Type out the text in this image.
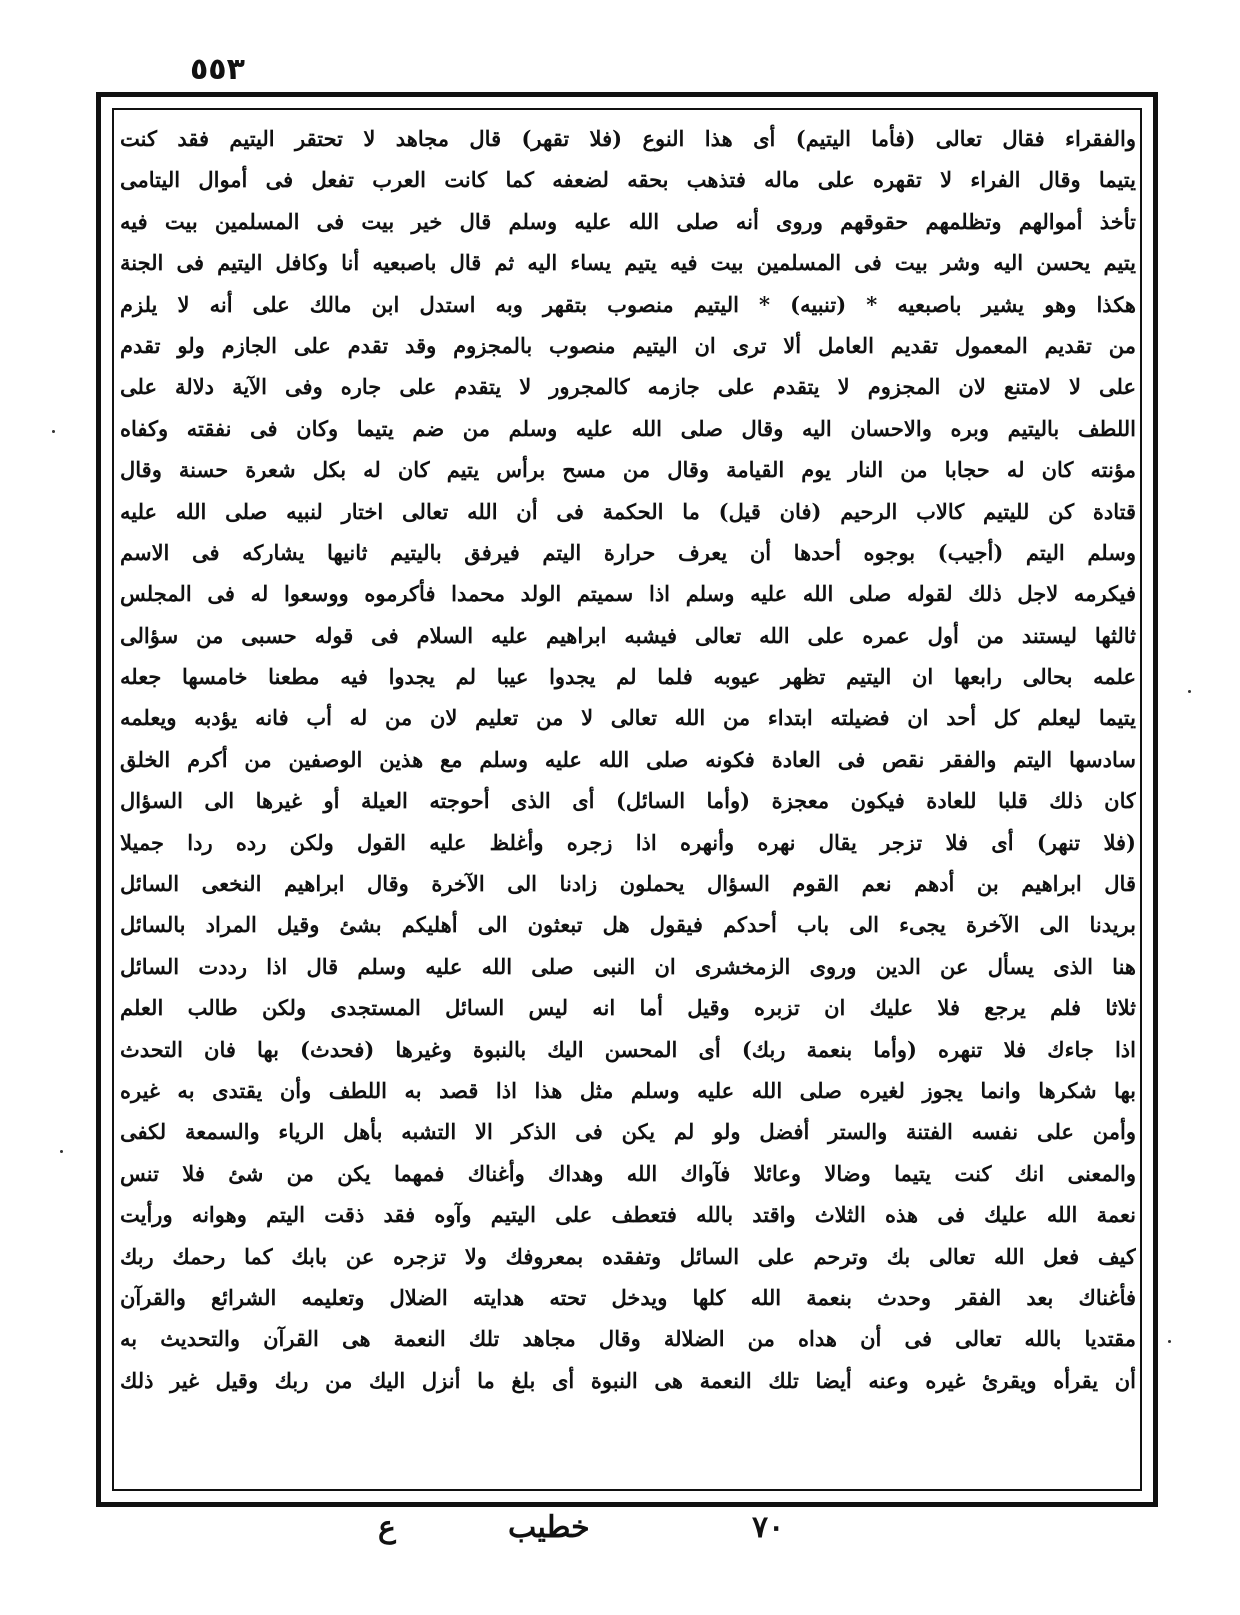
٥٥٣
والفقراء فقال تعالى (فأما اليتيم) أى هذا النوع (فلا تقهر) قال مجاهد لا تحتقر اليتيم فقد كنت
يتيما وقال الفراء لا تقهره على ماله فتذهب بحقه لضعفه كما كانت العرب تفعل فى أموال اليتامى
تأخذ أموالهم وتظلمهم حقوقهم وروى أنه صلى الله عليه وسلم قال خير بيت فى المسلمين بيت فيه
يتيم يحسن اليه وشر بيت فى المسلمين بيت فيه يتيم يساء اليه ثم قال باصبعيه أنا وكافل اليتيم فى الجنة
هكذا وهو يشير باصبعيه * (تنبيه) * اليتيم منصوب بتقهر وبه استدل ابن مالك على أنه لا يلزم
من تقديم المعمول تقديم العامل ألا ترى ان اليتيم منصوب بالمجزوم وقد تقدم على الجازم ولو تقدم
على لا لامتنع لان المجزوم لا يتقدم على جازمه كالمجرور لا يتقدم على جاره وفى الآية دلالة على
اللطف باليتيم وبره والاحسان اليه وقال صلى الله عليه وسلم من ضم يتيما وكان فى نفقته وكفاه
مؤنته كان له حجابا من النار يوم القيامة وقال من مسح برأس يتيم كان له بكل شعرة حسنة وقال
قتادة كن لليتيم كالاب الرحيم (فان قيل) ما الحكمة فى أن الله تعالى اختار لنبيه صلى الله عليه
وسلم اليتم (أجيب) بوجوه أحدها أن يعرف حرارة اليتم فيرفق باليتيم ثانيها يشاركه فى الاسم
فيكرمه لاجل ذلك لقوله صلى الله عليه وسلم اذا سميتم الولد محمدا فأكرموه ووسعوا له فى المجلس
ثالثها ليستند من أول عمره على الله تعالى فيشبه ابراهيم عليه السلام فى قوله حسبى من سؤالى
علمه بحالى رابعها ان اليتيم تظهر عيوبه فلما لم يجدوا عيبا لم يجدوا فيه مطعنا خامسها جعله
يتيما ليعلم كل أحد ان فضيلته ابتداء من الله تعالى لا من تعليم لان من له أب فانه يؤدبه ويعلمه
سادسها اليتم والفقر نقص فى العادة فكونه صلى الله عليه وسلم مع هذين الوصفين من أكرم الخلق
كان ذلك قلبا للعادة فيكون معجزة (وأما السائل) أى الذى أحوجته العيلة أو غيرها الى السؤال
(فلا تنهر) أى فلا تزجر يقال نهره وأنهره اذا زجره وأغلظ عليه القول ولكن رده ردا جميلا
قال ابراهيم بن أدهم نعم القوم السؤال يحملون زادنا الى الآخرة وقال ابراهيم النخعى السائل
بريدنا الى الآخرة يجىء الى باب أحدكم فيقول هل تبعثون الى أهليكم بشئ وقيل المراد بالسائل
هنا الذى يسأل عن الدين وروى الزمخشرى ان النبى صلى الله عليه وسلم قال اذا رددت السائل
ثلاثا فلم يرجع فلا عليك ان تزبره وقيل أما انه ليس السائل المستجدى ولكن طالب العلم
اذا جاءك فلا تنهره (وأما بنعمة ربك) أى المحسن اليك بالنبوة وغيرها (فحدث) بها فان التحدث
بها شكرها وانما يجوز لغيره صلى الله عليه وسلم مثل هذا اذا قصد به اللطف وأن يقتدى به غيره
وأمن على نفسه الفتنة والستر أفضل ولو لم يكن فى الذكر الا التشبه بأهل الرياء والسمعة لكفى
والمعنى انك كنت يتيما وضالا وعائلا فآواك الله وهداك وأغناك فمهما يكن من شئ فلا تنس
نعمة الله عليك فى هذه الثلاث واقتد بالله فتعطف على اليتيم وآوه فقد ذقت اليتم وهوانه ورأيت
كيف فعل الله تعالى بك وترحم على السائل وتفقده بمعروفك ولا تزجره عن بابك كما رحمك ربك
فأغناك بعد الفقر وحدث بنعمة الله كلها ويدخل تحته هدايته الضلال وتعليمه الشرائع والقرآن
مقتديا بالله تعالى فى أن هداه من الضلالة وقال مجاهد تلك النعمة هى القرآن والتحديث به
أن يقرأه ويقرئ غيره وعنه أيضا تلك النعمة هى النبوة أى بلغ ما أنزل اليك من ربك وقيل غير ذلك
ع	خطيب	٧٠
